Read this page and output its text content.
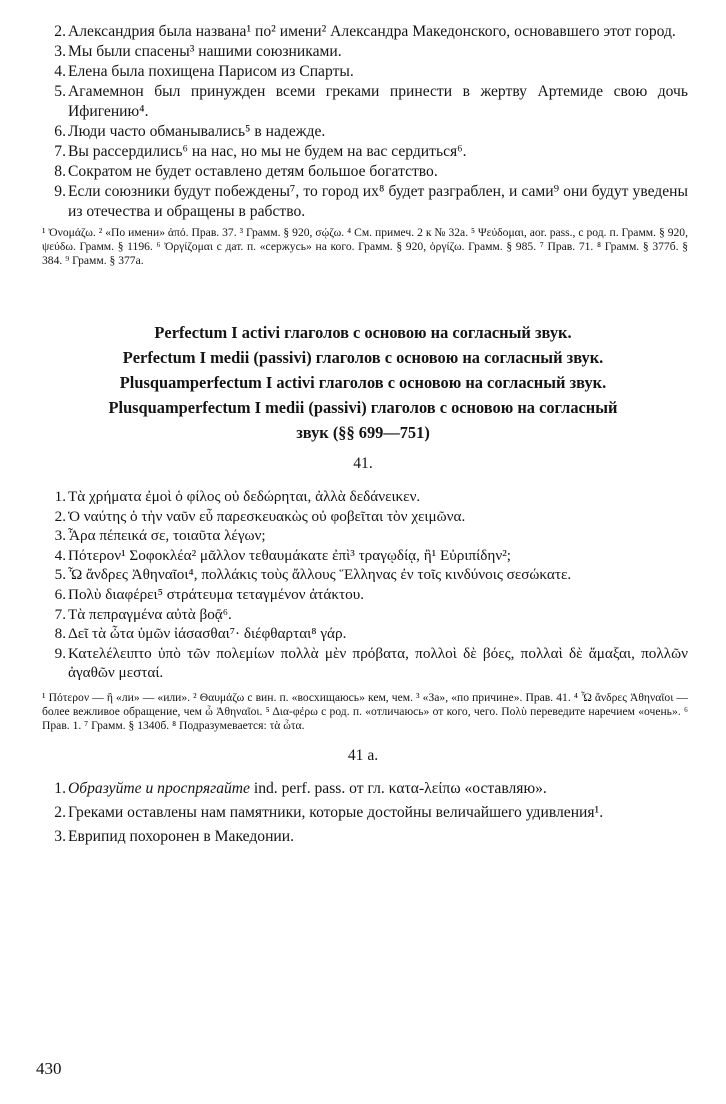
2. Александрия была названа¹ по² имени² Александра Македонского, основавшего этот город.
3. Мы были спасены³ нашими союзниками.
4. Елена была похищена Парисом из Спарты.
5. Агамемнон был принужден всеми греками принести в жертву Артемиде свою дочь Ифигению⁴.
6. Люди часто обманывались⁵ в надежде.
7. Вы рассердились⁶ на нас, но мы не будем на вас сердиться⁶.
8. Сократом не будет оставлено детям большое богатство.
9. Если союзники будут побеждены⁷, то город их⁸ будет разграблен, и сами⁹ они будут уведены из отечества и обращены в рабство.

¹ Ὀνομάζω. ² «По имени» ἀπό. Прав. 37. ³ Грамм. § 920, σῴζω. ⁴ См. примеч. 2 к № 32а. ⁵ Ψεύδομαι, aor. pass., с род. п. Грамм. § 920, ψεύδω. Грамм. § 1196. ⁶ Ὀργίζομαι с дат. п. «сержусь» на кого. Грамм. § 920, ὀργίζω. Грамм. § 985. ⁷ Прав. 71. ⁸ Грамм. § 377б. § 384. ⁹ Грамм. § 377а.

Perfectum I activi глаголов с основою на согласный звук.

Perfectum I medii (passivi) глаголов с основою на согласный звук.

Plusquamperfectum I activi глаголов с основою на согласный звук.

Plusquamperfectum I medii (passivi) глаголов с основою на согласный

звук (§§ 699—751)

41.
1. Τὰ χρήματα ἐμοὶ ὁ φίλος οὐ δεδώρηται, ἀλλὰ δεδάνεικεν.
2. Ὁ ναύτης ὁ τὴν ναῦν εὖ παρεσκευακὼς οὐ φοβεῖται τὸν χειμῶνα.
3. Ἆρα πέπεικά σε, τοιαῦτα λέγων;
4. Πότερον¹ Σοφοκλέα² μᾶλλον τεθαυμάκατε ἐπὶ³ τραγῳδίᾳ, ἢ¹ Εὐριπίδην²;
5. Ὦ ἄνδρες Ἀθηναῖοι⁴, πολλάκις τοὺς ἄλλους Ἕλληνας ἐν τοῖς κινδύνοις σεσώκατε.
6. Πολὺ διαφέρει⁵ στράτευμα τεταγμένον ἀτάκτου.
7. Τὰ πεπραγμένα αὐτὰ βοᾷ⁶.
8. Δεῖ τὰ ὦτα ὑμῶν ἰάσασθαι⁷· διέφθαρται⁸ γάρ.
9. Κατελέλειπτο ὑπὸ τῶν πολεμίων πολλὰ μὲν πρόβατα, πολλοὶ δὲ βόες, πολλαὶ δὲ ἅμαξαι, πολλῶν ἀγαθῶν μεσταί.

¹ Πότερον — ἢ «ли» — «или». ² Θαυμάζω с вин. п. «восхищаюсь» кем, чем. ³ «За», «по причине». Прав. 41. ⁴ Ὦ ἄνδρες Ἀθηναῖοι — более вежливое обращение, чем ὦ Ἀθηναῖοι. ⁵ Δια-φέρω с род. п. «отличаюсь» от кого, чего. Πολὺ переведите наречием «очень». ⁶ Прав. 1. ⁷ Грамм. § 1340б. ⁸ Подразумевается: τὰ ὦτα.

41 а.
1. Образуйте и проспрягайте ind. perf. pass. от гл. κατα-λείπω «оставляю».
2. Греками оставлены нам памятники, которые достойны величайшего удивления¹.
3. Еврипид похоронен в Македонии.
430
